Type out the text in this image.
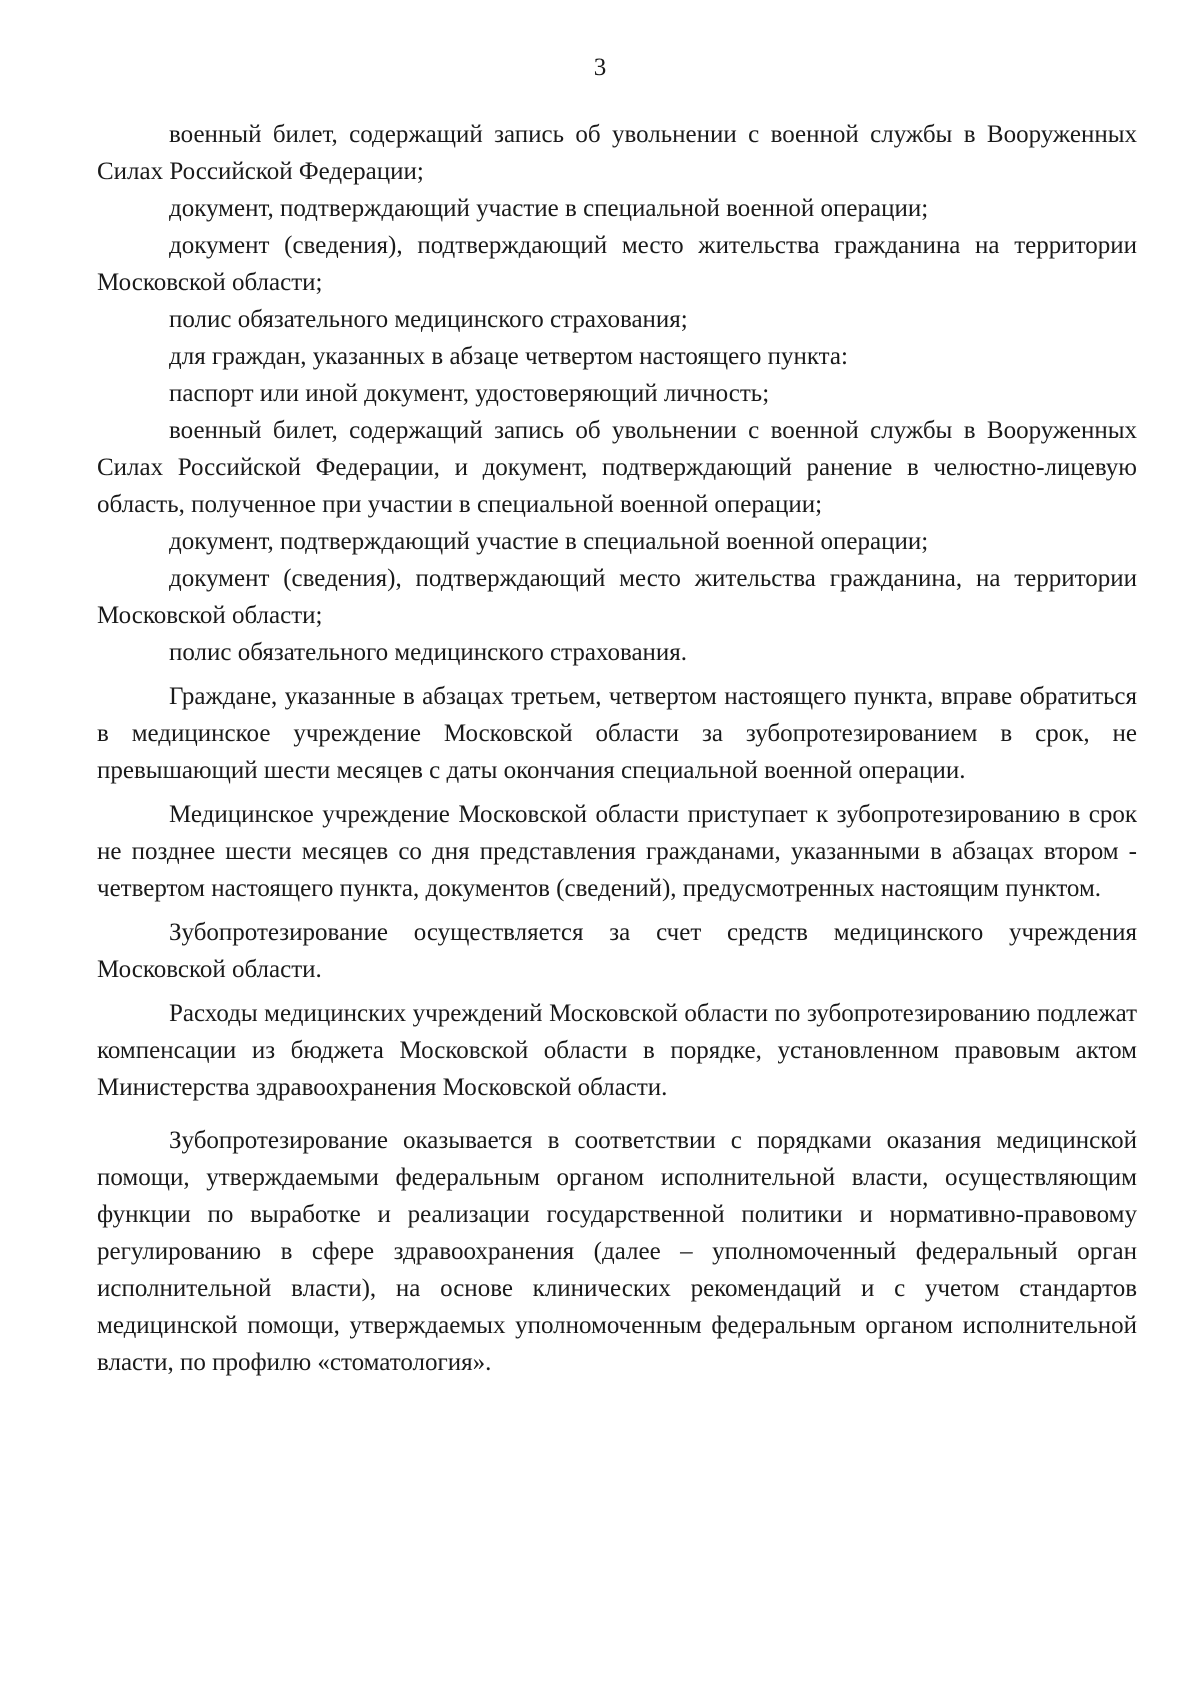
3

военный билет, содержащий запись об увольнении с военной службы в Вооруженных Силах Российской Федерации;

документ, подтверждающий участие в специальной военной операции;

документ (сведения), подтверждающий место жительства гражданина на территории Московской области;

полис обязательного медицинского страхования;

для граждан, указанных в абзаце четвертом настоящего пункта:

паспорт или иной документ, удостоверяющий личность;

военный билет, содержащий запись об увольнении с военной службы в Вооруженных Силах Российской Федерации, и документ, подтверждающий ранение в челюстно-лицевую область, полученное при участии в специальной военной операции;

документ, подтверждающий участие в специальной военной операции;

документ (сведения), подтверждающий место жительства гражданина, на территории Московской области;

полис обязательного медицинского страхования.

Граждане, указанные в абзацах третьем, четвертом настоящего пункта, вправе обратиться в медицинское учреждение Московской области за зубопротезированием в срок, не превышающий шести месяцев с даты окончания специальной военной операции.

Медицинское учреждение Московской области приступает к зубопротезированию в срок не позднее шести месяцев со дня представления гражданами, указанными в абзацах втором - четвертом настоящего пункта, документов (сведений), предусмотренных настоящим пунктом.

Зубопротезирование осуществляется за счет средств медицинского учреждения Московской области.

Расходы медицинских учреждений Московской области по зубопротезированию подлежат компенсации из бюджета Московской области в порядке, установленном правовым актом Министерства здравоохранения Московской области.

Зубопротезирование оказывается в соответствии с порядками оказания медицинской помощи, утверждаемыми федеральным органом исполнительной власти, осуществляющим функции по выработке и реализации государственной политики и нормативно-правовому регулированию в сфере здравоохранения (далее – уполномоченный федеральный орган исполнительной власти), на основе клинических рекомендаций и с учетом стандартов медицинской помощи, утверждаемых уполномоченным федеральным органом исполнительной власти, по профилю «стоматология».
